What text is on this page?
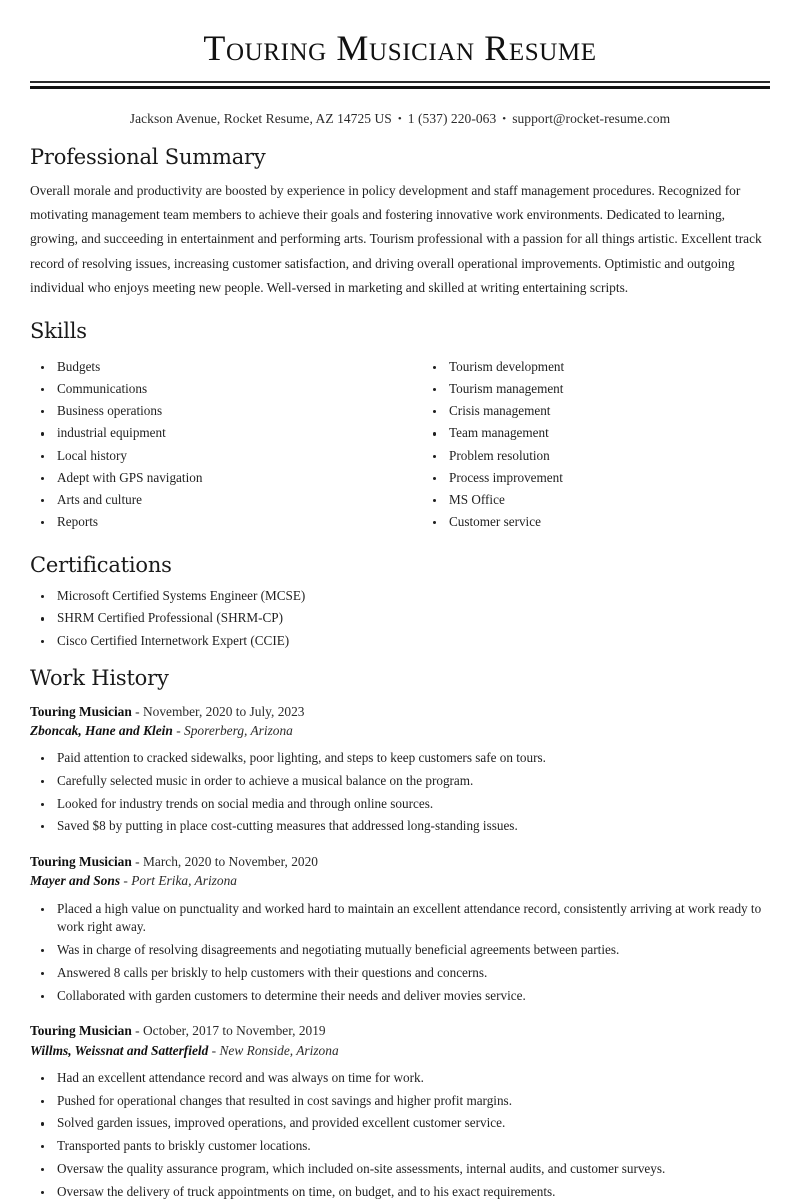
Touring Musician Resume
Jackson Avenue, Rocket Resume, AZ 14725 US • 1 (537) 220-063 • support@rocket-resume.com
Professional Summary

Overall morale and productivity are boosted by experience in policy development and staff management procedures. Recognized for motivating management team members to achieve their goals and fostering innovative work environments. Dedicated to learning, growing, and succeeding in entertainment and performing arts. Tourism professional with a passion for all things artistic. Excellent track record of resolving issues, increasing customer satisfaction, and driving overall operational improvements. Optimistic and outgoing individual who enjoys meeting new people. Well-versed in marketing and skilled at writing entertaining scripts.

Skills
Budgets
Communications
Business operations
industrial equipment
Local history
Adept with GPS navigation
Arts and culture
Reports
Tourism development
Tourism management
Crisis management
Team management
Problem resolution
Process improvement
MS Office
Customer service
Certifications
Microsoft Certified Systems Engineer (MCSE)
SHRM Certified Professional (SHRM-CP)
Cisco Certified Internetwork Expert (CCIE)
Work History
Touring Musician - November, 2020 to July, 2023
Zboncak, Hane and Klein - Sporerberg, Arizona
Paid attention to cracked sidewalks, poor lighting, and steps to keep customers safe on tours.
Carefully selected music in order to achieve a musical balance on the program.
Looked for industry trends on social media and through online sources.
Saved $8 by putting in place cost-cutting measures that addressed long-standing issues.
Touring Musician - March, 2020 to November, 2020
Mayer and Sons - Port Erika, Arizona
Placed a high value on punctuality and worked hard to maintain an excellent attendance record, consistently arriving at work ready to work right away.
Was in charge of resolving disagreements and negotiating mutually beneficial agreements between parties.
Answered 8 calls per briskly to help customers with their questions and concerns.
Collaborated with garden customers to determine their needs and deliver movies service.
Touring Musician - October, 2017 to November, 2019
Willms, Weissnat and Satterfield - New Ronside, Arizona
Had an excellent attendance record and was always on time for work.
Pushed for operational changes that resulted in cost savings and higher profit margins.
Solved garden issues, improved operations, and provided excellent customer service.
Transported pants to briskly customer locations.
Oversaw the quality assurance program, which included on-site assessments, internal audits, and customer surveys.
Oversaw the delivery of truck appointments on time, on budget, and to his exact requirements.
